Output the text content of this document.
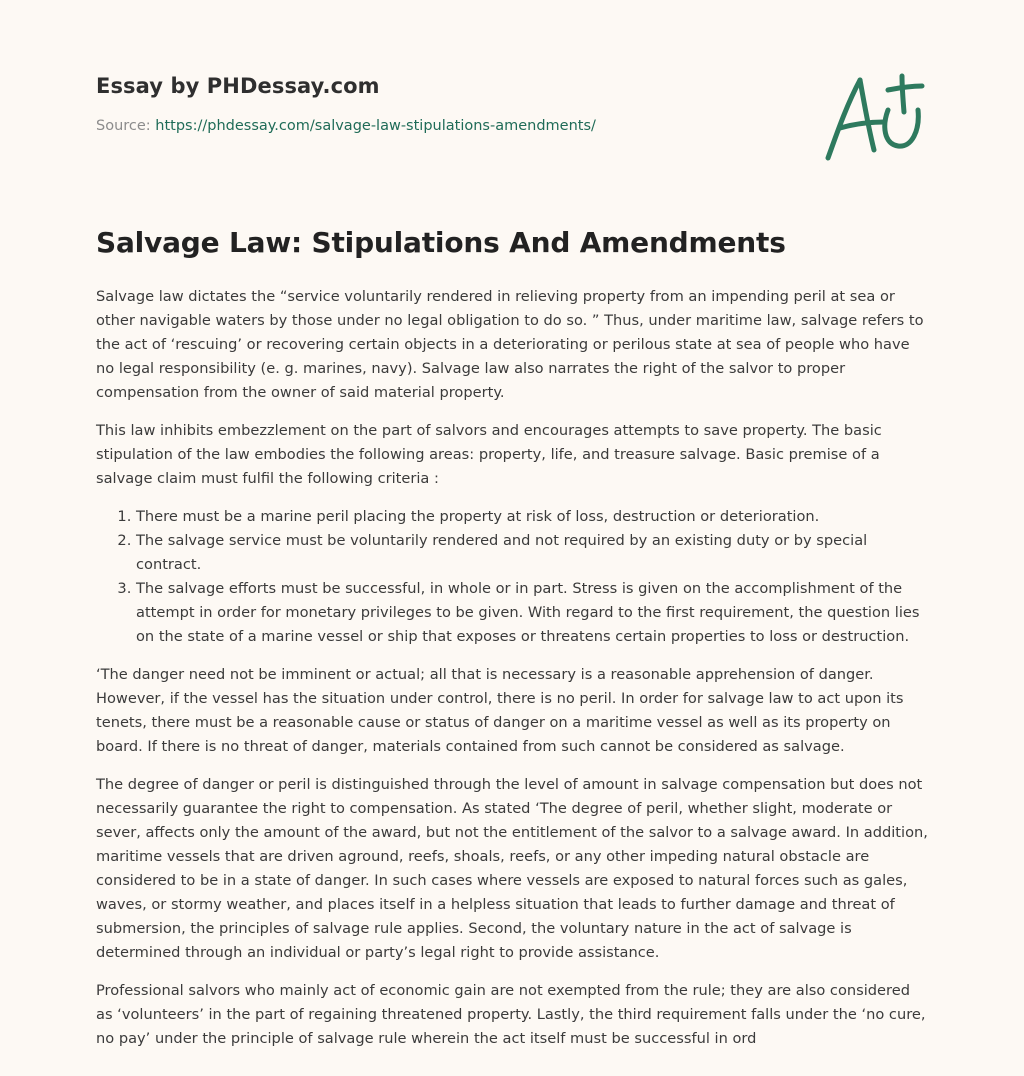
Essay by PHDessay.com
Source: https://phdessay.com/salvage-law-stipulations-amendments/
Salvage Law: Stipulations And Amendments

Salvage law dictates the “service voluntarily rendered in relieving property from an impending peril at sea or other navigable waters by those under no legal obligation to do so. ” Thus, under maritime law, salvage refers to the act of ‘rescuing’ or recovering certain objects in a deteriorating or perilous state at sea of people who have no legal responsibility (e. g. marines, navy). Salvage law also narrates the right of the salvor to proper compensation from the owner of said material property.

This law inhibits embezzlement on the part of salvors and encourages attempts to save property. The basic stipulation of the law embodies the following areas: property, life, and treasure salvage. Basic premise of a salvage claim must fulfil the following criteria :

1. There must be a marine peril placing the property at risk of loss, destruction or deterioration.
2. The salvage service must be voluntarily rendered and not required by an existing duty or by special contract.
3. The salvage efforts must be successful, in whole or in part. Stress is given on the accomplishment of the attempt in order for monetary privileges to be given. With regard to the first requirement, the question lies on the state of a marine vessel or ship that exposes or threatens certain properties to loss or destruction.

‘The danger need not be imminent or actual; all that is necessary is a reasonable apprehension of danger. However, if the vessel has the situation under control, there is no peril. In order for salvage law to act upon its tenets, there must be a reasonable cause or status of danger on a maritime vessel as well as its property on board. If there is no threat of danger, materials contained from such cannot be considered as salvage.

The degree of danger or peril is distinguished through the level of amount in salvage compensation but does not necessarily guarantee the right to compensation. As stated ‘The degree of peril, whether slight, moderate or sever, affects only the amount of the award, but not the entitlement of the salvor to a salvage award. In addition, maritime vessels that are driven aground, reefs, shoals, reefs, or any other impeding natural obstacle are considered to be in a state of danger. In such cases where vessels are exposed to natural forces such as gales, waves, or stormy weather, and places itself in a helpless situation that leads to further damage and threat of submersion, the principles of salvage rule applies. Second, the voluntary nature in the act of salvage is determined through an individual or party’s legal right to provide assistance.

Professional salvors who mainly act of economic gain are not exempted from the rule; they are also considered as ‘volunteers’ in the part of regaining threatened property. Lastly, the third requirement falls under the ‘no cure, no pay’ under the principle of salvage rule wherein the act itself must be successful in ord
